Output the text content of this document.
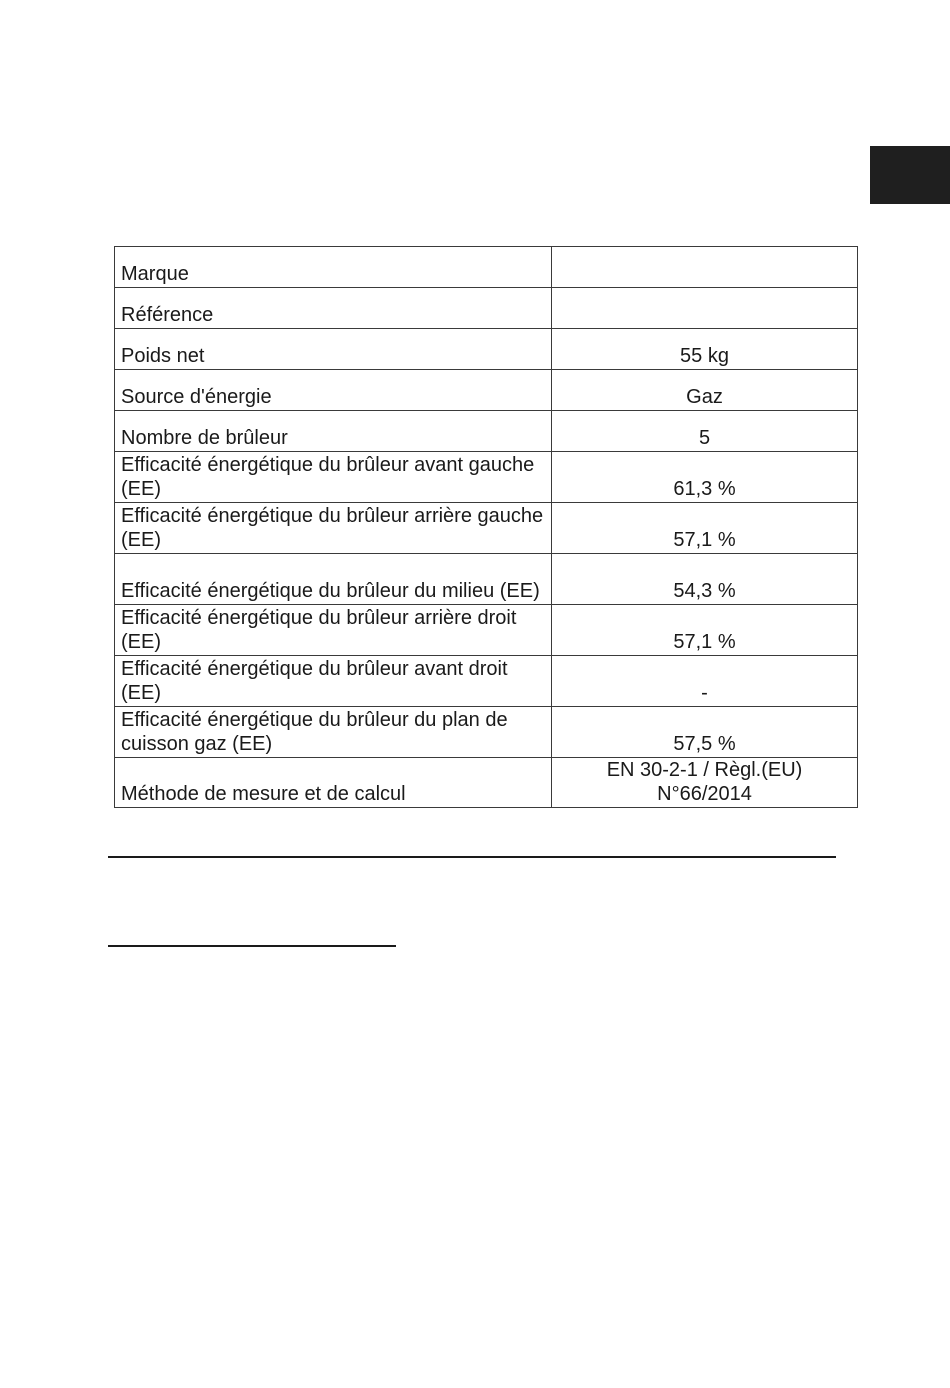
Marque	
Référence	
Poids net	55 kg
Source d'énergie	Gaz
Nombre de brûleur	5
Efficacité énergétique du brûleur avant gauche (EE)	61,3 %
Efficacité énergétique du brûleur arrière gauche (EE)	57,1 %
Efficacité énergétique du brûleur du milieu (EE)	54,3 %
Efficacité énergétique du brûleur arrière droit (EE)	57,1 %
Efficacité énergétique du brûleur avant droit (EE)	-
Efficacité énergétique du brûleur du plan de cuisson gaz (EE)	57,5 %
Méthode de mesure et de calcul	EN 30-2-1 / Règl.(EU) N°66/2014
